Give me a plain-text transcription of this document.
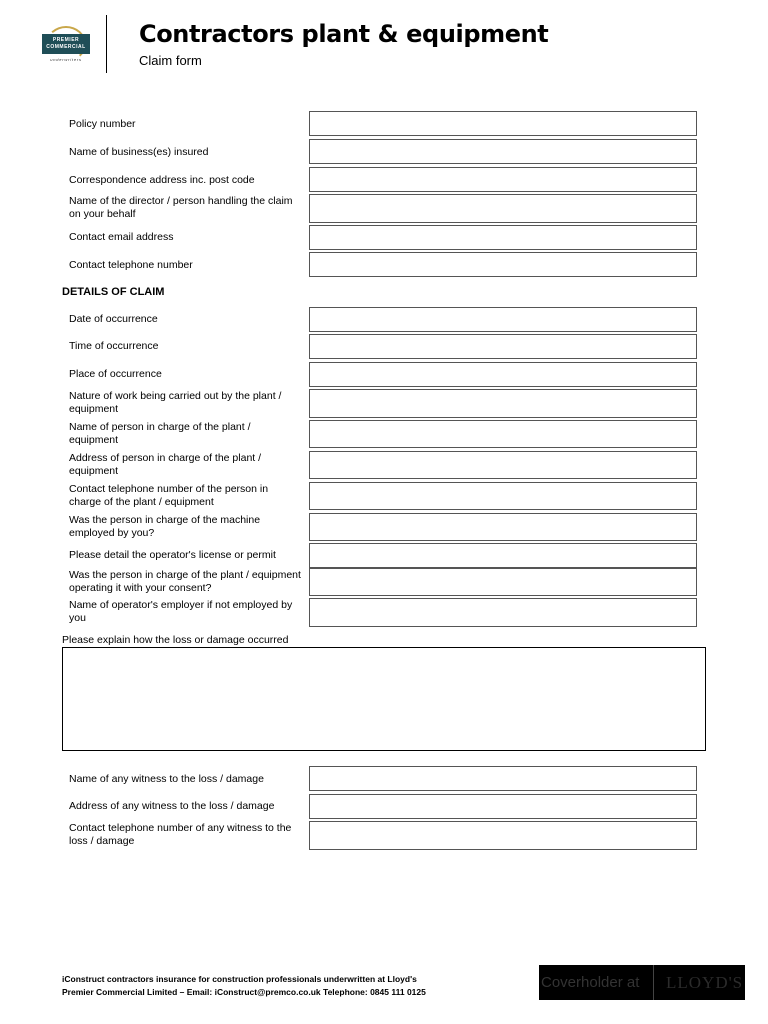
PREMIER
COMMERCIAL
underwriters
Contractors plant & equipment
Claim form
Policy number
Name of business(es) insured
Correspondence address inc. post code
Name of the director / person handling the claim on your behalf
Contact email address
Contact telephone number
DETAILS OF CLAIM
Date of occurrence
Time of occurrence
Place of occurrence
Nature of work being carried out by the plant / equipment
Name of person in charge of the plant / equipment
Address of person in charge of the plant / equipment
Contact telephone number of the person in charge of the plant / equipment
Was the person in charge of the machine employed by you?
Please detail the operator's license or permit
Was the person in charge of the plant / equipment operating it with your consent?
Name of operator's employer if not employed by you
Please explain how the loss or damage occurred
Name of any witness to the loss / damage
Address of any witness to the loss / damage
Contact telephone number of any witness to the loss / damage
iConstruct contractors insurance for construction professionals underwritten at Lloyd's
Premier Commercial Limited – Email: iConstruct@premco.co.uk Telephone: 0845 111 0125
Coverholder at	LLOYD'S
